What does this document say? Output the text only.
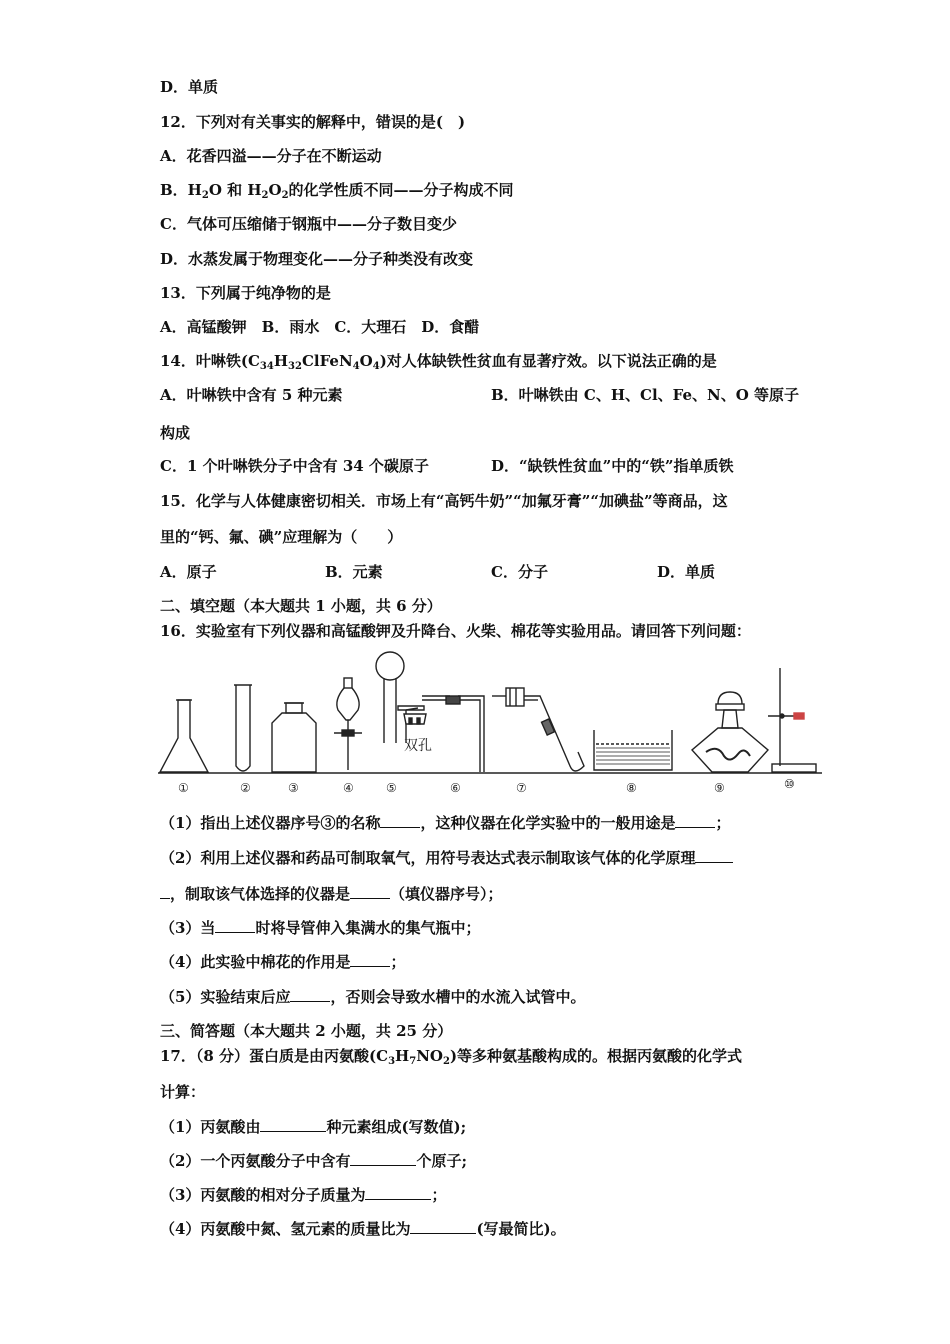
D．单质
12．下列对有关事实的解释中，错误的是(　)
A．花香四溢——分子在不断运动
B．$H_2O$ 和 $H_2O_2$的化学性质不同——分子构成不同
C．气体可压缩储于钢瓶中——分子数目变少
D．水蒸发属于物理变化——分子种类没有改变
13．下列属于纯净物的是
A．高锰酸钾　B．雨水　C．大理石　D．食醋
14．叶啉铁$(C_{34}H_{32}ClFeN_4O_4)$对人体缺铁性贫血有显著疗效。以下说法正确的是
A．叶啉铁中含有 5 种元素	B．叶啉铁由 C、H、Cl、Fe、N、O 等原子
构成
C．1 个叶啉铁分子中含有 34 个碳原子	D．“缺铁性贫血”中的“铁”指单质铁
15．化学与人体健康密切相关．市场上有“高钙牛奶”“加氟牙膏”“加碘盐”等商品，这
里的“钙、氟、碘”应理解为（　　）
A．原子	B．元素	C．分子	D．单质
二、填空题（本大题共 1 小题，共 6 分）
16．实验室有下列仪器和高锰酸钾及升降台、火柴、棉花等实验用品。请回答下列问题：
双孔
①	②	③	④	⑤	⑥	⑦	⑧	⑨	⑩
（1）指出上述仪器序号③的名称	，这种仪器在化学实验中的一般用途是	；
（2）利用上述仪器和药品可制取氧气，用符号表达式表示制取该气体的化学原理
，制取该气体选择的仪器是	（填仪器序号）；
（3）当	时将导管伸入集满水的集气瓶中；
（4）此实验中棉花的作用是	；
（5）实验结束后应	，否则会导致水槽中的水流入试管中。
三、简答题（本大题共 2 小题，共 25 分）
17．（8 分）蛋白质是由丙氨酸$(C_3H_7NO_2)$等多种氨基酸构成的。根据丙氨酸的化学式
计算：
（1）丙氨酸由	种元素组成(写数值);
（2）一个丙氨酸分子中含有	个原子;
（3）丙氨酸的相对分子质量为	；
（4）丙氨酸中氮、氢元素的质量比为	(写最简比)。
